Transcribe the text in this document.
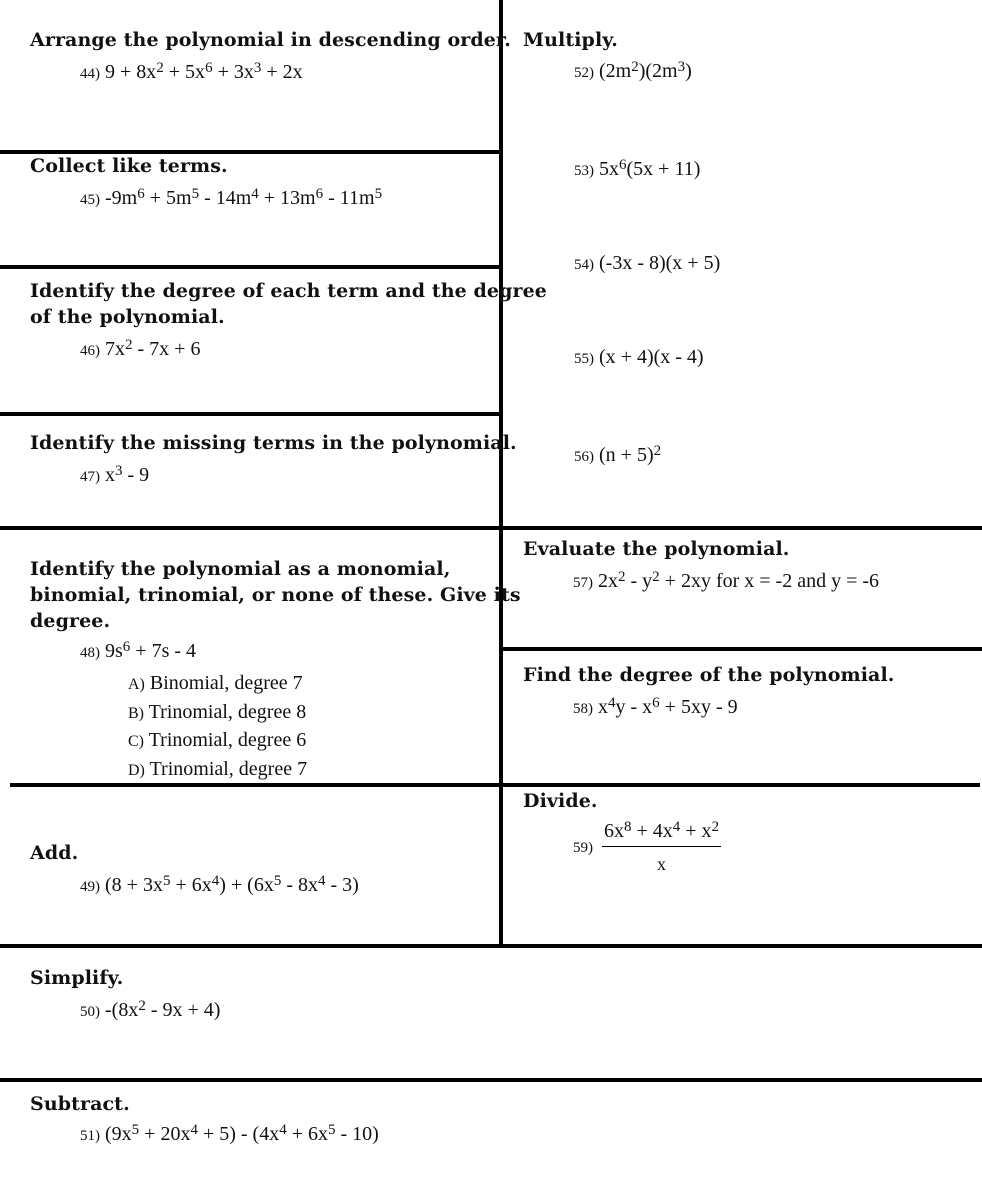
Arrange the polynomial in descending order.
44) $9 + 8x^2 + 5x^6 + 3x^3 + 2x$
Collect like terms.
45) $-9m^6 + 5m^5 - 14m^4 + 13m^6 - 11m^5$
Identify the degree of each term and the degree
of the polynomial.
46) $7x^2 - 7x + 6$
Identify the missing terms in the polynomial.
47) $x^3 - 9$
Identify the polynomial as a monomial,
binomial, trinomial, or none of these. Give its
degree.
48) $9s^6 + 7s - 4$
A) Binomial, degree 7
B) Trinomial, degree 8
C) Trinomial, degree 6
D) Trinomial, degree 7
Add.
49) $(8 + 3x^5 + 6x^4) + (6x^5 - 8x^4 - 3)$
Simplify.
50) $-(8x^2 - 9x + 4)$
Subtract.
51) $(9x^5 + 20x^4 + 5) - (4x^4 + 6x^5 - 10)$
Multiply.
52) $(2m^2)(2m^3)$
53) $5x^6(5x + 11)$
54) (-3x - 8)(x + 5)
55) (x + 4)(x - 4)
56) $(n + 5)^2$
Evaluate the polynomial.
57) $2x^2 - y^2 + 2xy$ for x = -2 and y = -6
Find the degree of the polynomial.
58) $x^4y - x^6 + 5xy - 9$
Divide.
$59) \frac{6x^8 + 4x^4 + x^2}{x}$
